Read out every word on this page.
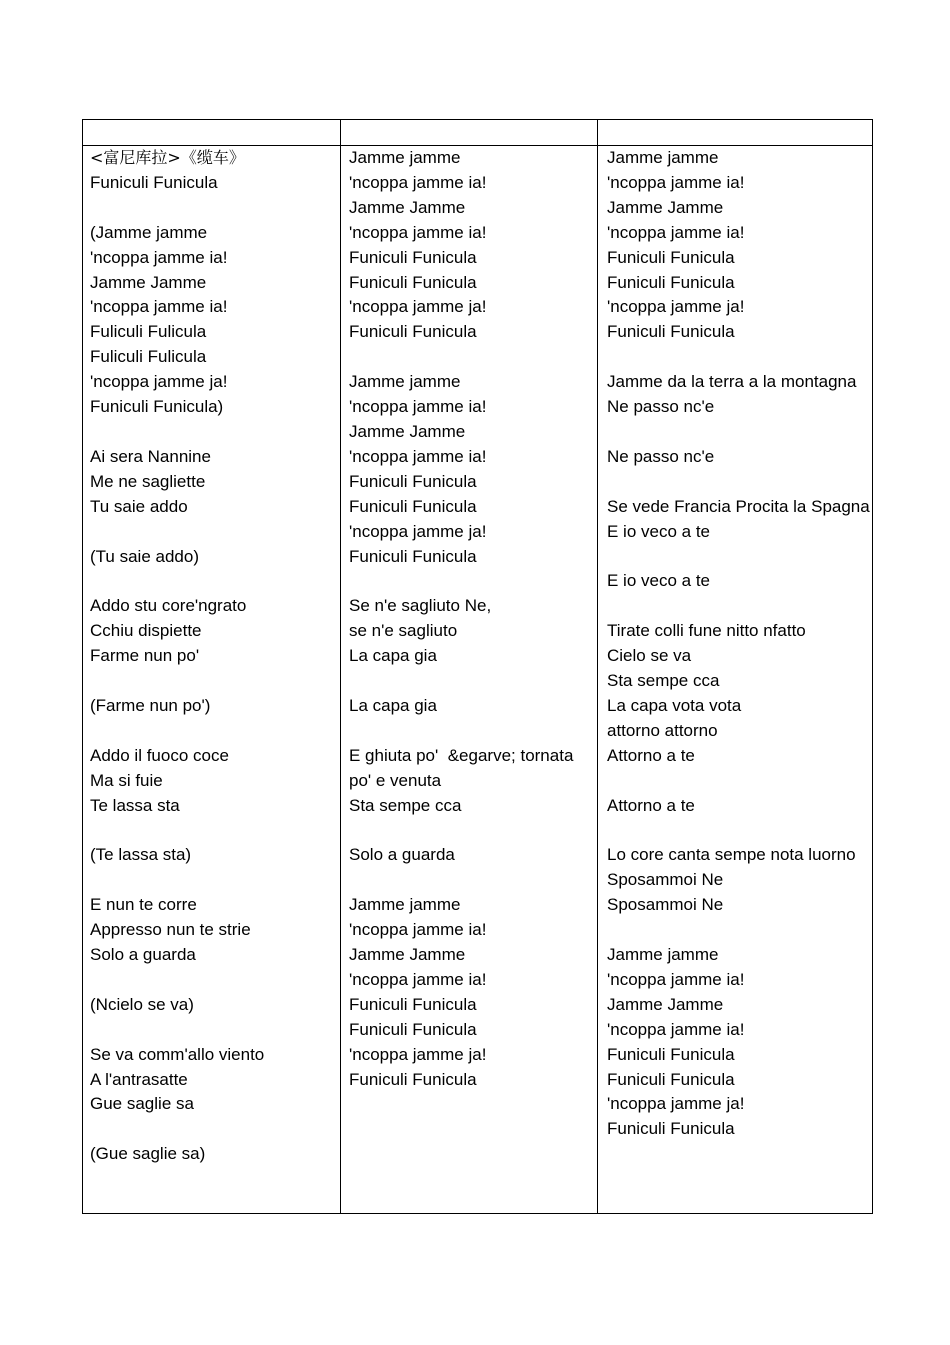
<富尼库拉>《缆车》
Funiculi Funicula

(Jamme jamme
'ncoppa jamme ia!
Jamme Jamme
'ncoppa jamme ia!
Fuliculi Fulicula
Fuliculi Fulicula
'ncoppa jamme ja!
Funiculi Funicula)

Ai sera Nannine
Me ne sagliette
Tu saie addo

(Tu saie addo)

Addo stu core'ngrato
Cchiu dispiette
Farme nun po'

(Farme nun po')

Addo il fuoco coce
Ma si fuie
Te lassa sta

(Te lassa sta)

E nun te corre
Appresso nun te strie
Solo a guarda

(Ncielo se va)

Se va comm'allo viento
A l'antrasatte
Gue saglie sa

(Gue saglie sa)
Jamme jamme
'ncoppa jamme ia!
Jamme Jamme
'ncoppa jamme ia!
Funiculi Funicula
Funiculi Funicula
'ncoppa jamme ja!
Funiculi Funicula

Jamme jamme
'ncoppa jamme ia!
Jamme Jamme
'ncoppa jamme ia!
Funiculi Funicula
Funiculi Funicula
'ncoppa jamme ja!
Funiculi Funicula

Se n'e sagliuto Ne,
se n'e sagliuto
La capa gia

La capa gia

E ghiuta po'  &egarve; tornata
po' e venuta
Sta sempe cca

Solo a guarda

Jamme jamme
'ncoppa jamme ia!
Jamme Jamme
'ncoppa jamme ia!
Funiculi Funicula
Funiculi Funicula
'ncoppa jamme ja!
Funiculi Funicula
Jamme jamme
'ncoppa jamme ia!
Jamme Jamme
'ncoppa jamme ia!
Funiculi Funicula
Funiculi Funicula
'ncoppa jamme ja!
Funiculi Funicula

Jamme da la terra a la montagna
Ne passo nc'e

Ne passo nc'e

Se vede Francia Procita la Spagna
E io veco a te

E io veco a te

Tirate colli fune nitto nfatto
Cielo se va
Sta sempe cca
La capa vota vota
attorno attorno
Attorno a te

Attorno a te

Lo core canta sempe nota luorno
Sposammoi Ne
Sposammoi Ne

Jamme jamme
'ncoppa jamme ia!
Jamme Jamme
'ncoppa jamme ia!
Funiculi Funicula
Funiculi Funicula
'ncoppa jamme ja!
Funiculi Funicula
